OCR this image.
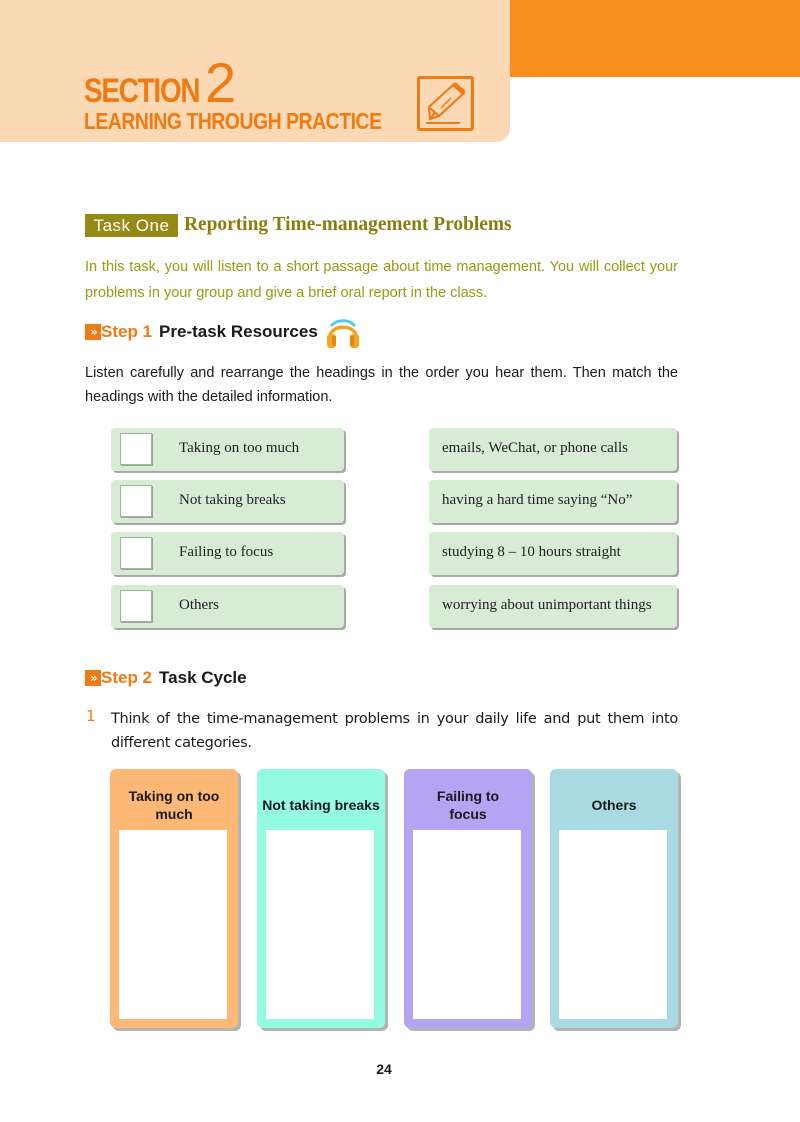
SECTION 2
LEARNING THROUGH PRACTICE
Task One Reporting Time-management Problems
In this task, you will listen to a short passage about time management. You will collect your problems in your group and give a brief oral report in the class.
» Step 1 Pre-task Resources
Listen carefully and rearrange the headings in the order you hear them. Then match the headings with the detailed information.
Taking on too much
Not taking breaks
Failing to focus
Others
emails, WeChat, or phone calls
having a hard time saying “No”
studying 8 – 10 hours straight
worrying about unimportant things
» Step 2 Task Cycle
1 Think of the time-management problems in your daily life and put them into different categories.
Taking on too much
Not taking breaks
Failing to focus
Others
24
